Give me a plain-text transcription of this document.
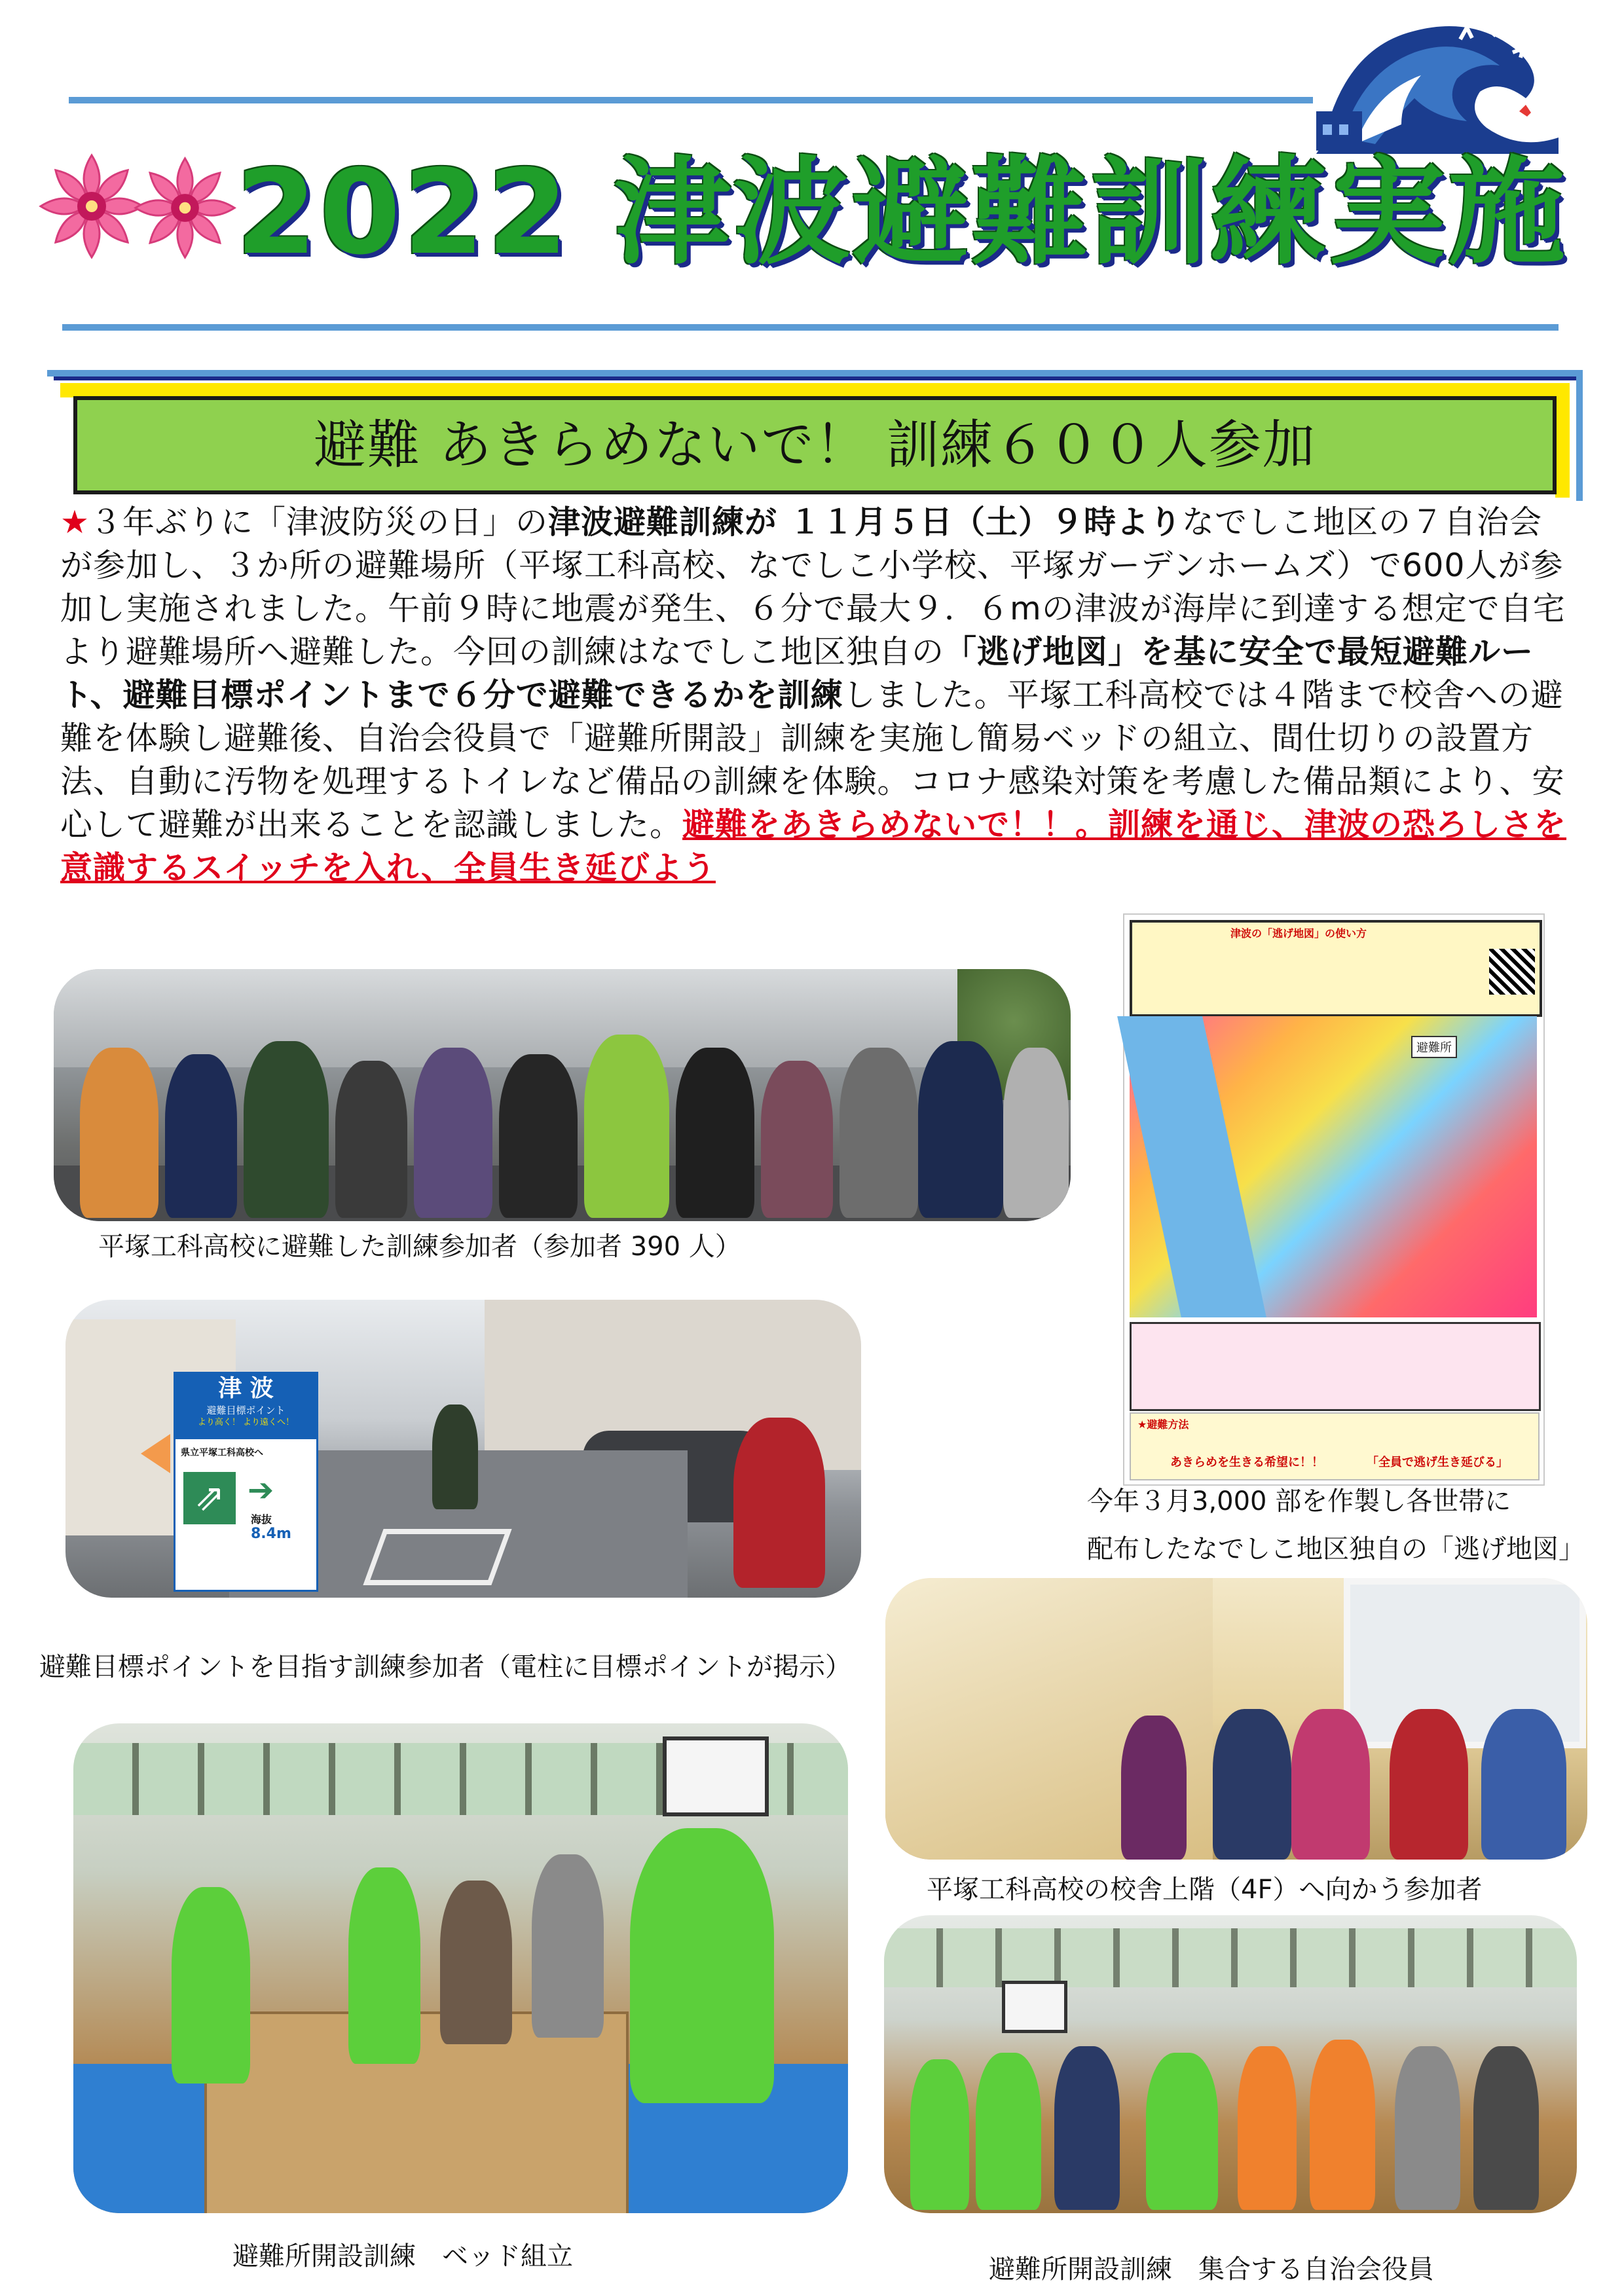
2022 津波避難訓練実施
避難 あきらめないで！ 訓練６００人参加
★３年ぶりに「津波防災の日」の津波避難訓練が １１月５日（土）９時よりなでしこ地区の７自治会が参加し、３か所の避難場所（平塚工科高校、なでしこ小学校、平塚ガーデンホームズ）で600人が参加し実施されました。午前９時に地震が発生、６分で最大９．６mの津波が海岸に到達する想定で自宅より避難場所へ避難した。今回の訓練はなでしこ地区独自の「逃げ地図」を基に安全で最短避難ルート、避難目標ポイントまで６分で避難できるかを訓練しました。平塚工科高校では４階まで校舎への避難を体験し避難後、自治会役員で「避難所開設」訓練を実施し簡易ベッドの組立、間仕切りの設置方法、自動に汚物を処理するトイレなど備品の訓練を体験。コロナ感染対策を考慮した備品類により、安心して避難が出来ることを認識しました。避難をあきらめないで！！。訓練を通じ、津波の恐ろしさを意識するスイッチを入れ、全員生き延びよう
平塚工科高校に避難した訓練参加者（参加者 390 人）
津波の「逃げ地図」の使い方
避難所
★避難方法
あきらめを生きる希望に！！	「全員で逃げ生き延びる」
今年３月3,000 部を作製し各世帯に
配布したなでしこ地区独自の「逃げ地図」
津 波
避難目標ポイント
より高く！ より遠くへ！
県立平塚工科高校へ
⇗ ➔
海抜
8.4m
避難目標ポイントを目指す訓練参加者（電柱に目標ポイントが掲示）
平塚工科高校の校舎上階（4F）へ向かう参加者
避難所開設訓練　ベッド組立	避難所開設訓練　集合する自治会役員
